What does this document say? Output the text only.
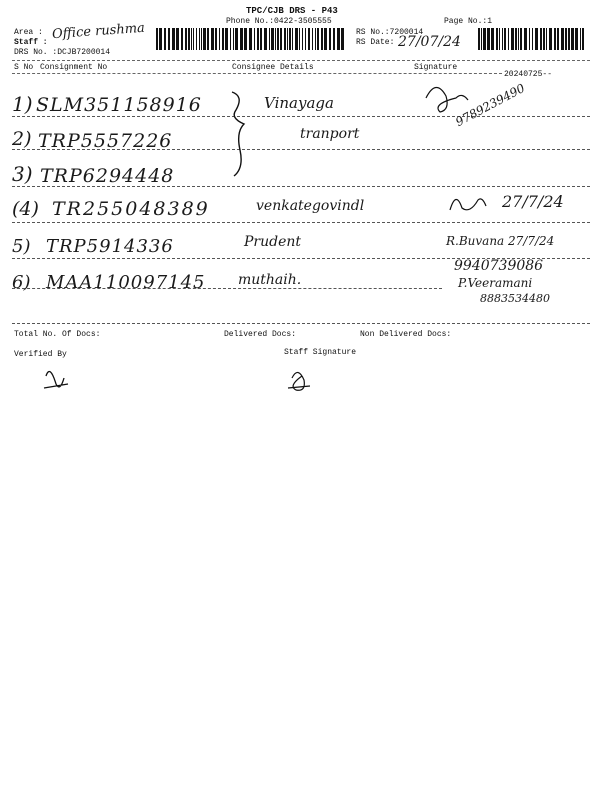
TPC/CJB DRS - P43
Phone No.:0422-3505555
Area :
Staff :
DRS No. :DCJB7200014
Office rushma	RS No.:7200014
RS Date: 27/07/24
Page No.:1
S No Consignment No	Consignee Details	Signature
20240725--
1) SLM351158916	Vinayaga	9789239490
2) TRP5557226	tranport
3) TRP6294448
(4) TR255048389	venkategovindl	27/7/24
5) TRP5914336	Prudent	R.Buvana 27/7/24
6) MAA110097145 muthaih.
9940739086
P.Veeramani
8883534480
Total No. Of Docs:	Delivered Docs:	Non Delivered Docs:
Verified By	Staff Signature
